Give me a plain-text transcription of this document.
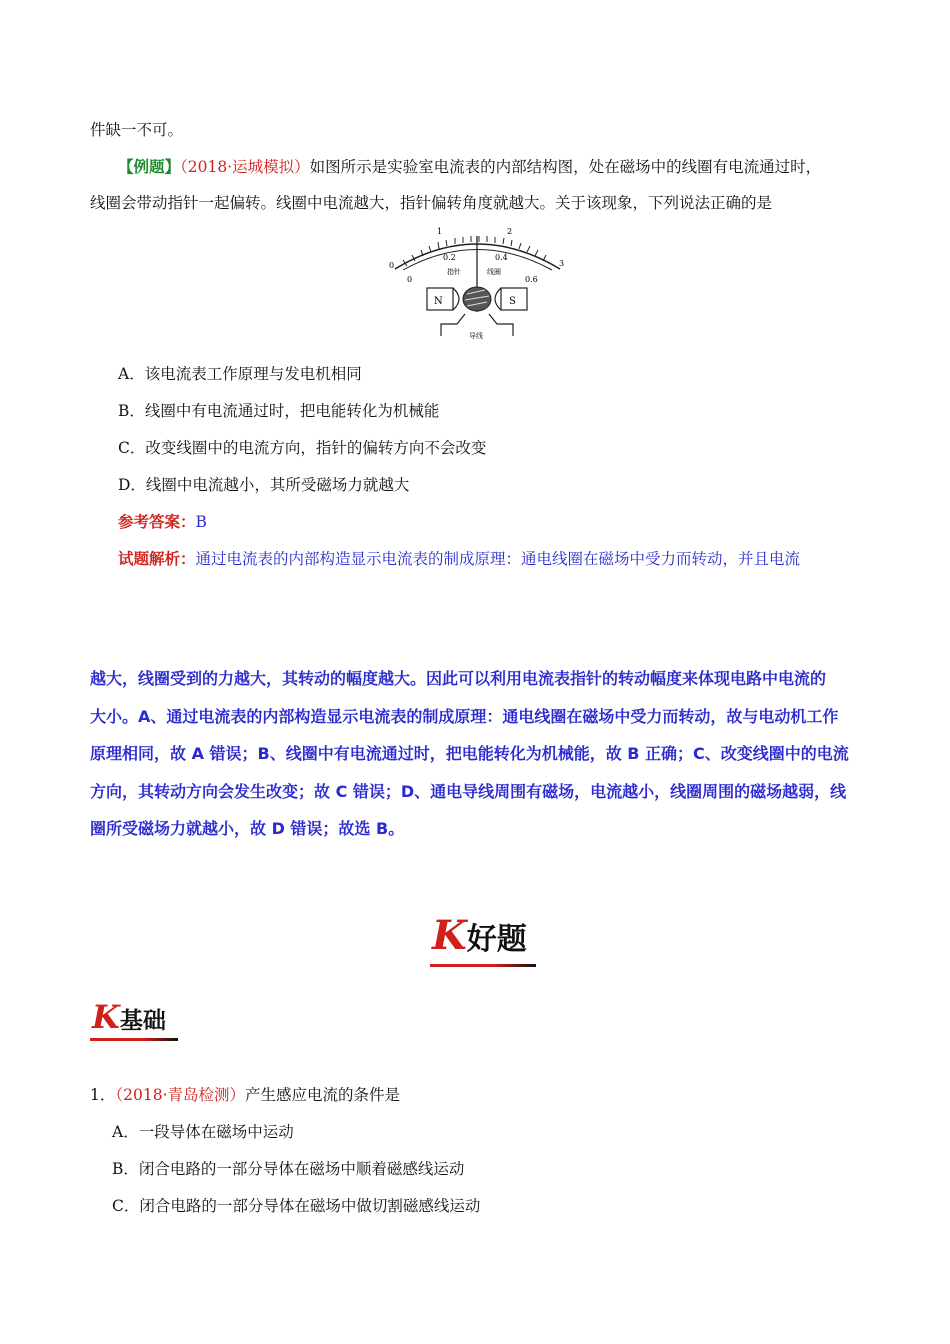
件缺一不可。
【例题】（2018·运城模拟）如图所示是实验室电流表的内部结构图，处在磁场中的线圈有电流通过时，
线圈会带动指针一起偏转。线圈中电流越大，指针偏转角度就越大。关于该现象，下列说法正确的是
0
1	2
3
0
0.2	0.4
0.6
指针	线圈
N	S
导线
A．该电流表工作原理与发电机相同
B．线圈中有电流通过时，把电能转化为机械能
C．改变线圈中的电流方向，指针的偏转方向不会改变
D．线圈中电流越小，其所受磁场力就越大
参考答案：B
试题解析：通过电流表的内部构造显示电流表的制成原理：通电线圈在磁场中受力而转动，并且电流
越大，线圈受到的力越大，其转动的幅度越大。因此可以利用电流表指针的转动幅度来体现电路中电流的
大小。A、通过电流表的内部构造显示电流表的制成原理：通电线圈在磁场中受力而转动，故与电动机工作
原理相同，故 A 错误；B、线圈中有电流通过时，把电能转化为机械能，故 B 正确；C、改变线圈中的电流
方向，其转动方向会发生改变；故 C 错误；D、通电导线周围有磁场，电流越小，线圈周围的磁场越弱，线
圈所受磁场力就越小，故 D 错误；故选 B。
K好题
K基础
1．（2018·青岛检测）产生感应电流的条件是
A．一段导体在磁场中运动
B．闭合电路的一部分导体在磁场中顺着磁感线运动
C．闭合电路的一部分导体在磁场中做切割磁感线运动
